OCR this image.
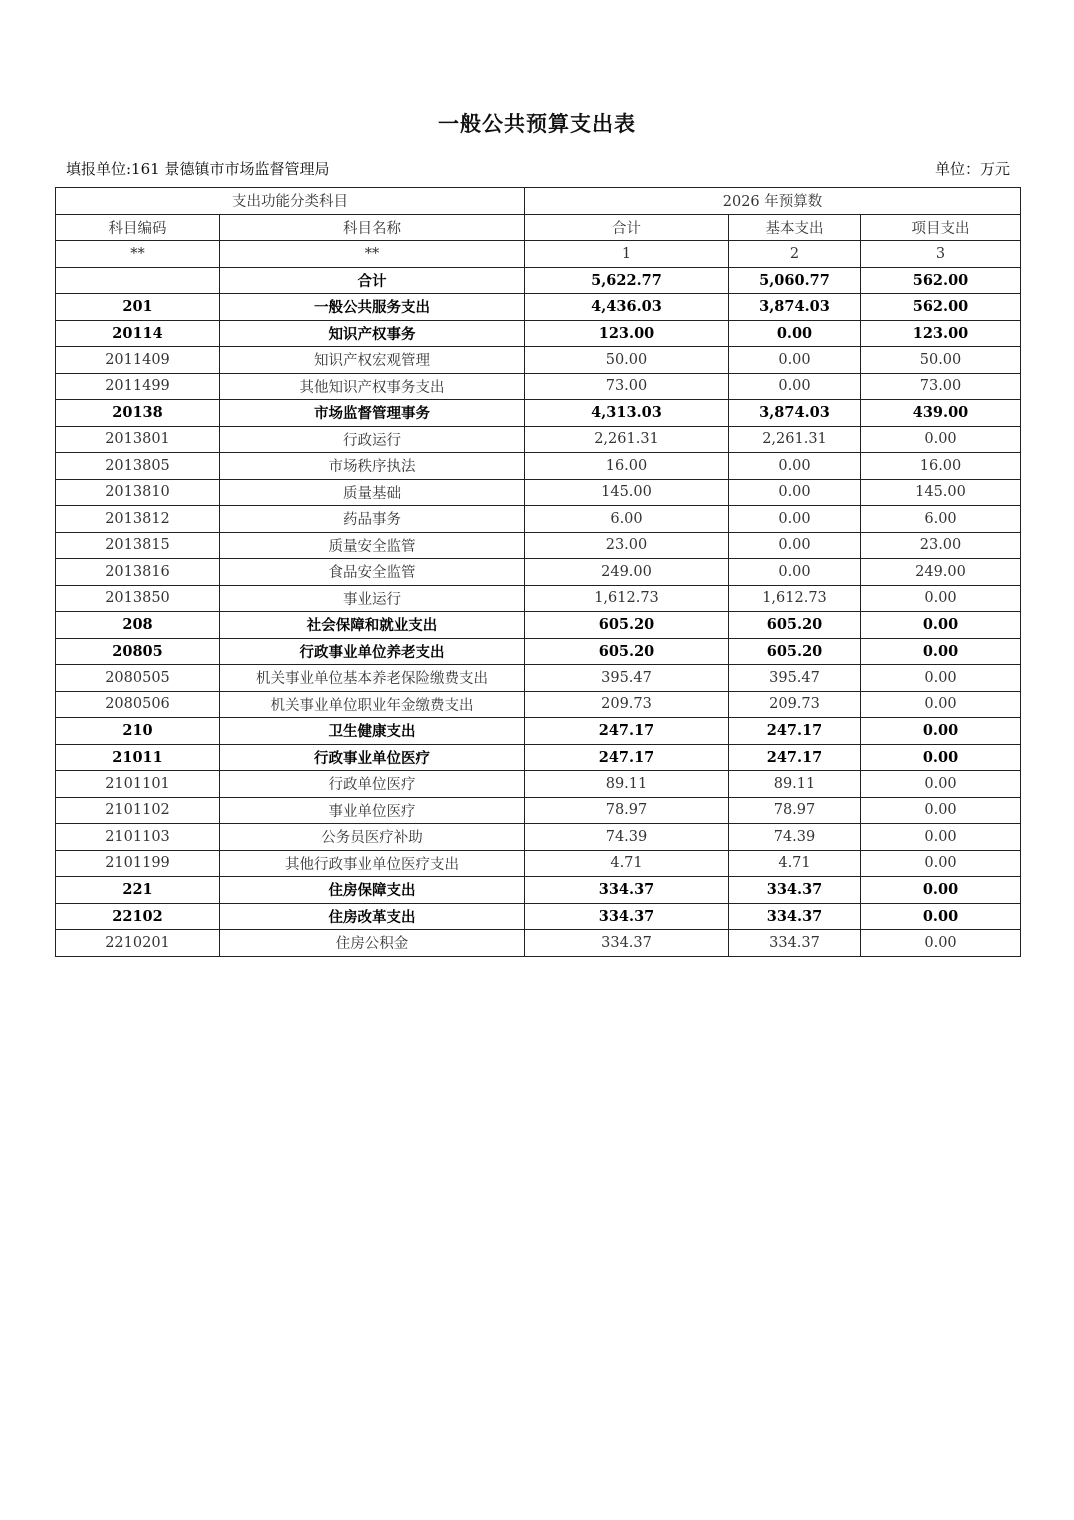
一般公共预算支出表
填报单位:161 景德镇市市场监督管理局	单位：万元
支出功能分类科目		2026 年预算数		
科目编码	科目名称	合计	基本支出	项目支出
**	**	1	2	3
	合计	5,622.77	5,060.77	562.00
201	一般公共服务支出	4,436.03	3,874.03	562.00
20114	知识产权事务	123.00	0.00	123.00
2011409	知识产权宏观管理	50.00	0.00	50.00
2011499	其他知识产权事务支出	73.00	0.00	73.00
20138	市场监督管理事务	4,313.03	3,874.03	439.00
2013801	行政运行	2,261.31	2,261.31	0.00
2013805	市场秩序执法	16.00	0.00	16.00
2013810	质量基础	145.00	0.00	145.00
2013812	药品事务	6.00	0.00	6.00
2013815	质量安全监管	23.00	0.00	23.00
2013816	食品安全监管	249.00	0.00	249.00
2013850	事业运行	1,612.73	1,612.73	0.00
208	社会保障和就业支出	605.20	605.20	0.00
20805	行政事业单位养老支出	605.20	605.20	0.00
2080505	机关事业单位基本养老保险缴费支出	395.47	395.47	0.00
2080506	机关事业单位职业年金缴费支出	209.73	209.73	0.00
210	卫生健康支出	247.17	247.17	0.00
21011	行政事业单位医疗	247.17	247.17	0.00
2101101	行政单位医疗	89.11	89.11	0.00
2101102	事业单位医疗	78.97	78.97	0.00
2101103	公务员医疗补助	74.39	74.39	0.00
2101199	其他行政事业单位医疗支出	4.71	4.71	0.00
221	住房保障支出	334.37	334.37	0.00
22102	住房改革支出	334.37	334.37	0.00
2210201	住房公积金	334.37	334.37	0.00
